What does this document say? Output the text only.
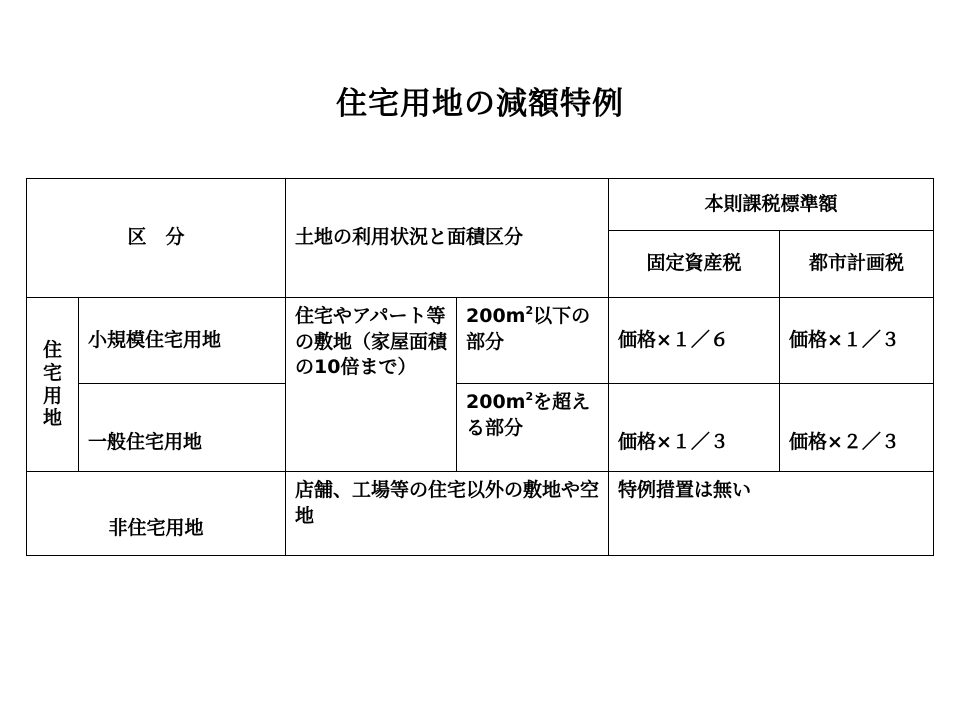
住宅用地の減額特例
区　分		土地の利用状況と面積区分		本則課税標準額	
				固定資産税	都市計画税

住
宅
用
地	小規模住宅用地	住宅やアパート等の敷地（家屋面積の10倍まで）	$200m^2$以下の部分	価格×１／６	価格×１／３
	一般住宅用地		$200m^2$を超える部分	価格×１／３	価格×２／３
非住宅用地		店舗、工場等の住宅以外の敷地や空地		特例措置は無い	
